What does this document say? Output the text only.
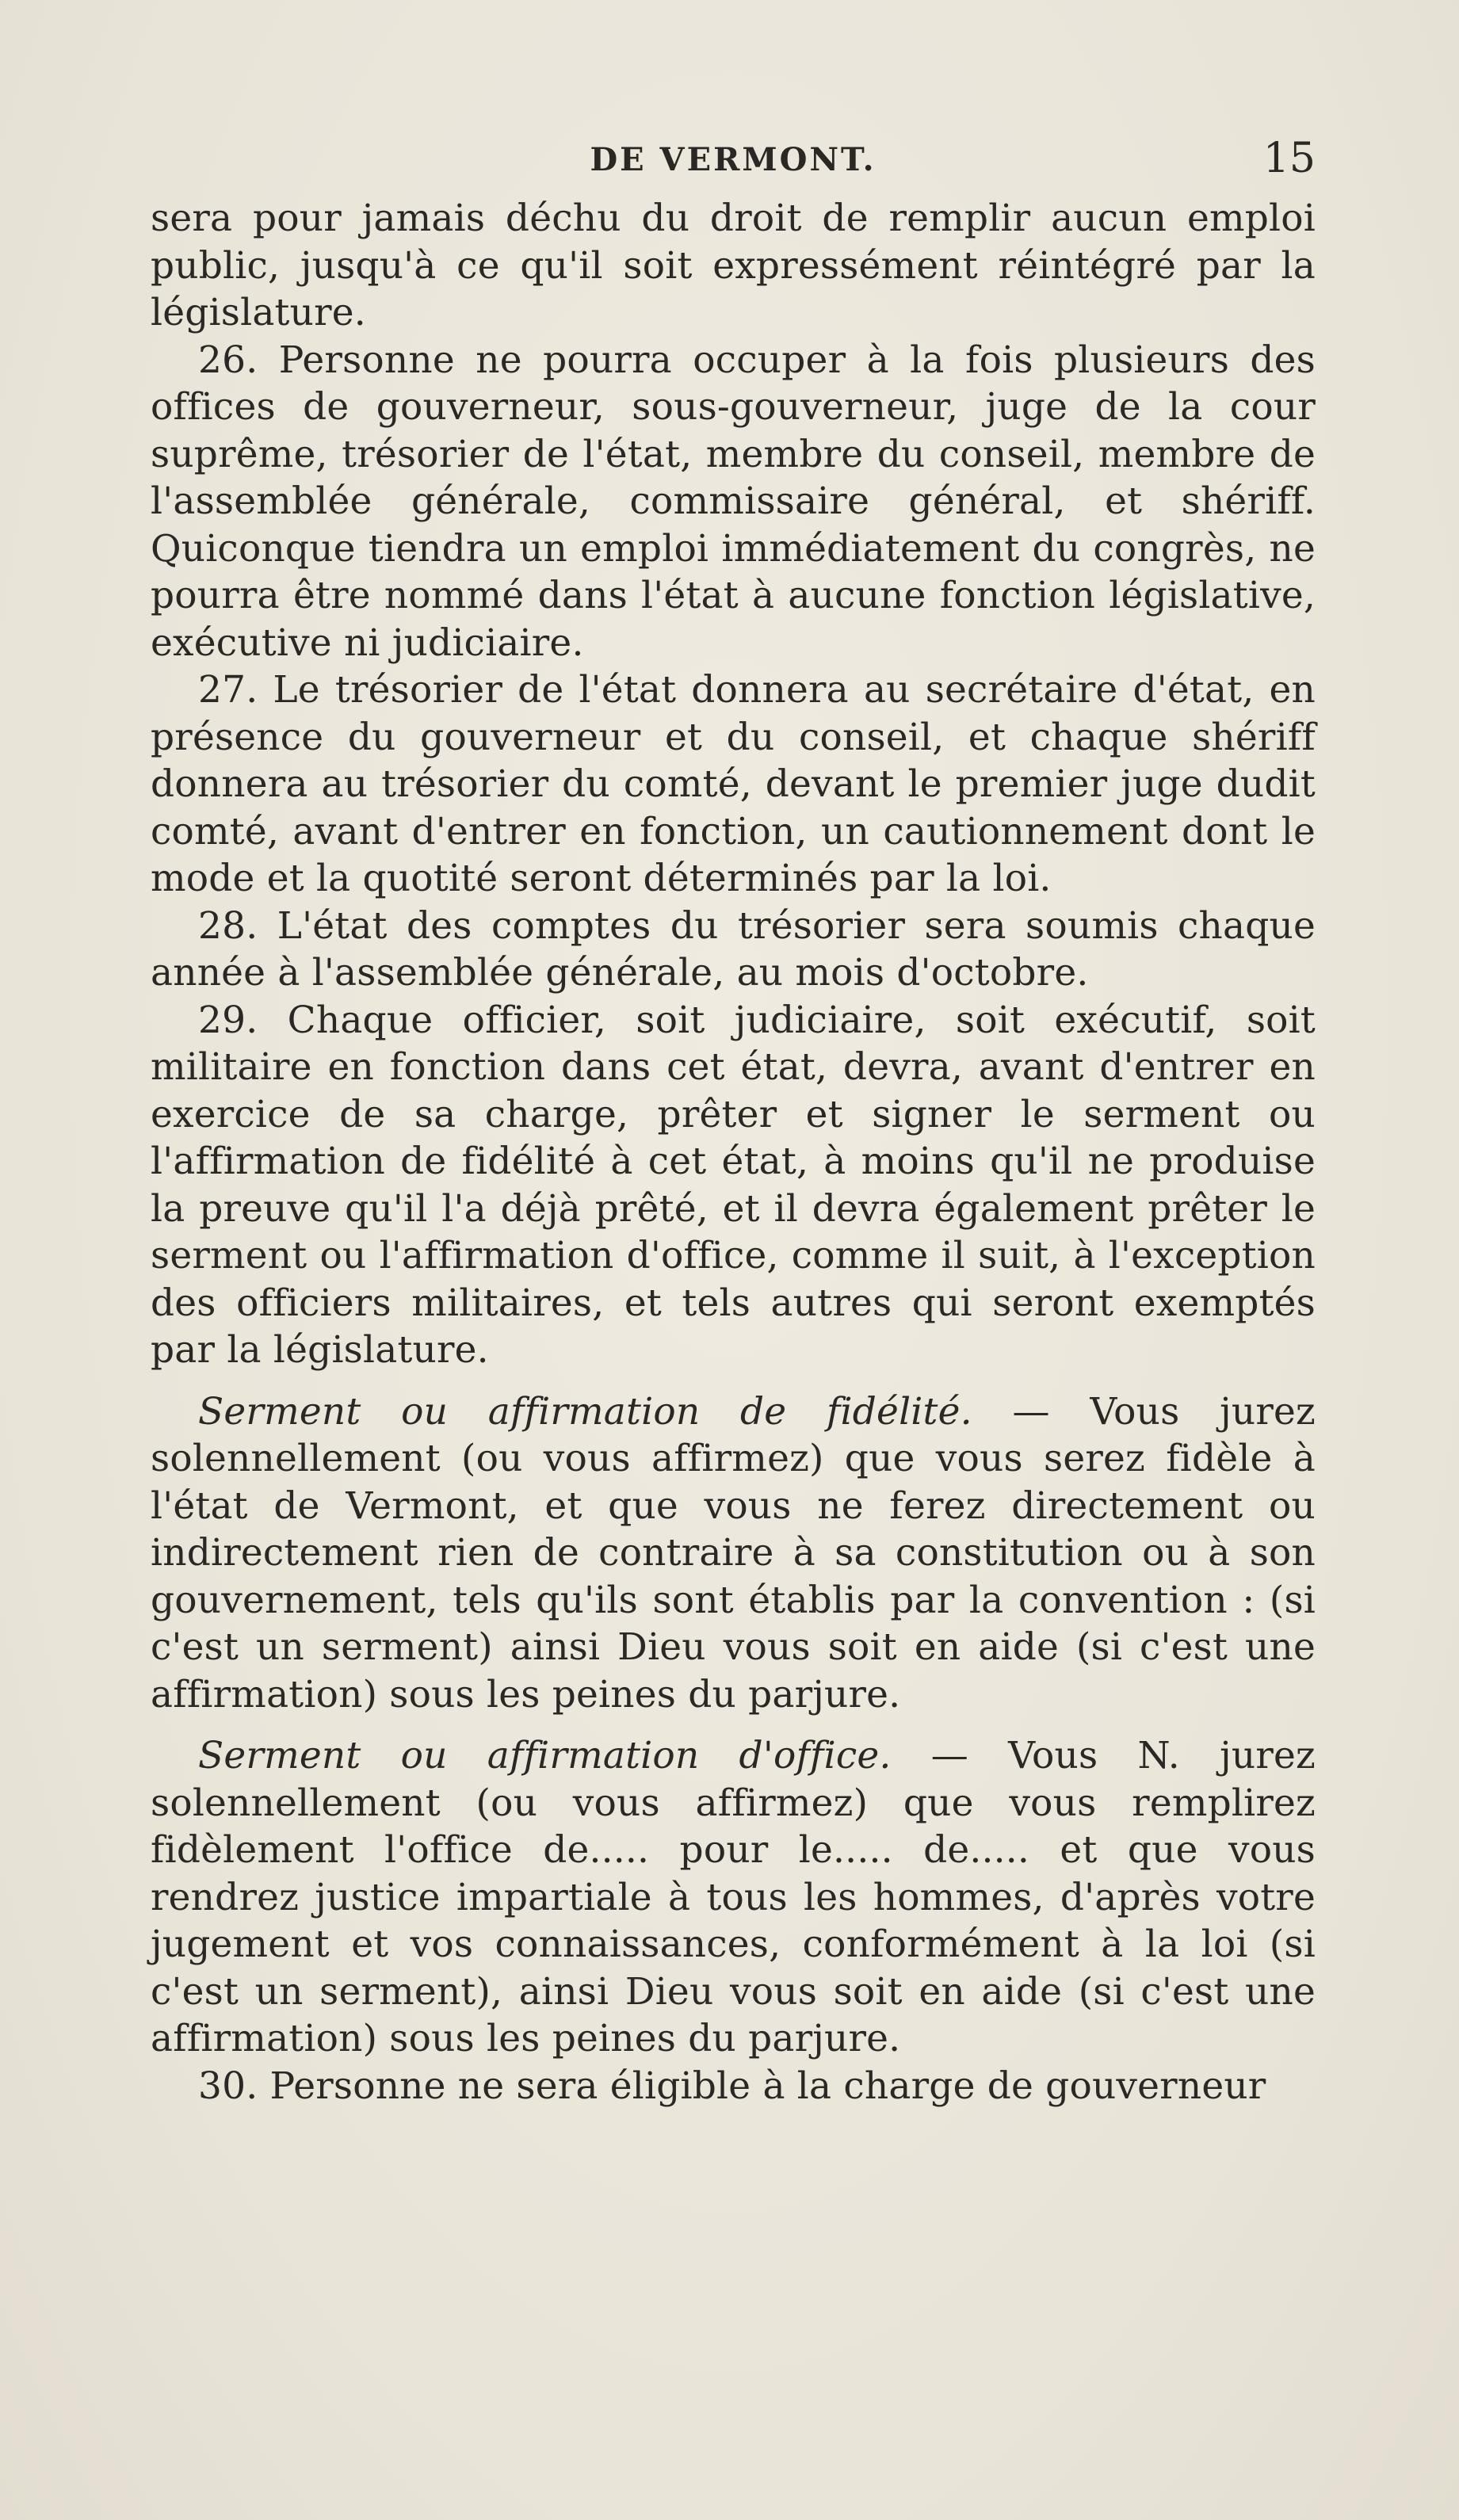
DE VERMONT.	15

sera pour jamais déchu du droit de remplir aucun emploi public, jusqu'à ce qu'il soit expressément réintégré par la législature.

26. Personne ne pourra occuper à la fois plusieurs des offices de gouverneur, sous-gouverneur, juge de la cour suprême, trésorier de l'état, membre du conseil, membre de l'assemblée générale, commissaire général, et shériff. Quiconque tiendra un emploi immédiatement du congrès, ne pourra être nommé dans l'état à aucune fonction législative, exécutive ni judiciaire.

27. Le trésorier de l'état donnera au secrétaire d'état, en présence du gouverneur et du conseil, et chaque shériff donnera au trésorier du comté, devant le premier juge dudit comté, avant d'entrer en fonction, un cautionnement dont le mode et la quotité seront déterminés par la loi.

28. L'état des comptes du trésorier sera soumis chaque année à l'assemblée générale, au mois d'octobre.

29. Chaque officier, soit judiciaire, soit exécutif, soit militaire en fonction dans cet état, devra, avant d'entrer en exercice de sa charge, prêter et signer le serment ou l'affirmation de fidélité à cet état, à moins qu'il ne produise la preuve qu'il l'a déjà prêté, et il devra également prêter le serment ou l'affirmation d'office, comme il suit, à l'exception des officiers militaires, et tels autres qui seront exemptés par la législature.

Serment ou affirmation de fidélité. — Vous jurez solennellement (ou vous affirmez) que vous serez fidèle à l'état de Vermont, et que vous ne ferez directement ou indirectement rien de contraire à sa constitution ou à son gouvernement, tels qu'ils sont établis par la convention : (si c'est un serment) ainsi Dieu vous soit en aide (si c'est une affirmation) sous les peines du parjure.

Serment ou affirmation d'office. — Vous N. jurez solennellement (ou vous affirmez) que vous remplirez fidèlement l'office de..... pour le..... de..... et que vous rendrez justice impartiale à tous les hommes, d'après votre jugement et vos connaissances, conformément à la loi (si c'est un serment), ainsi Dieu vous soit en aide (si c'est une affirmation) sous les peines du parjure.

30. Personne ne sera éligible à la charge de gouverneur
